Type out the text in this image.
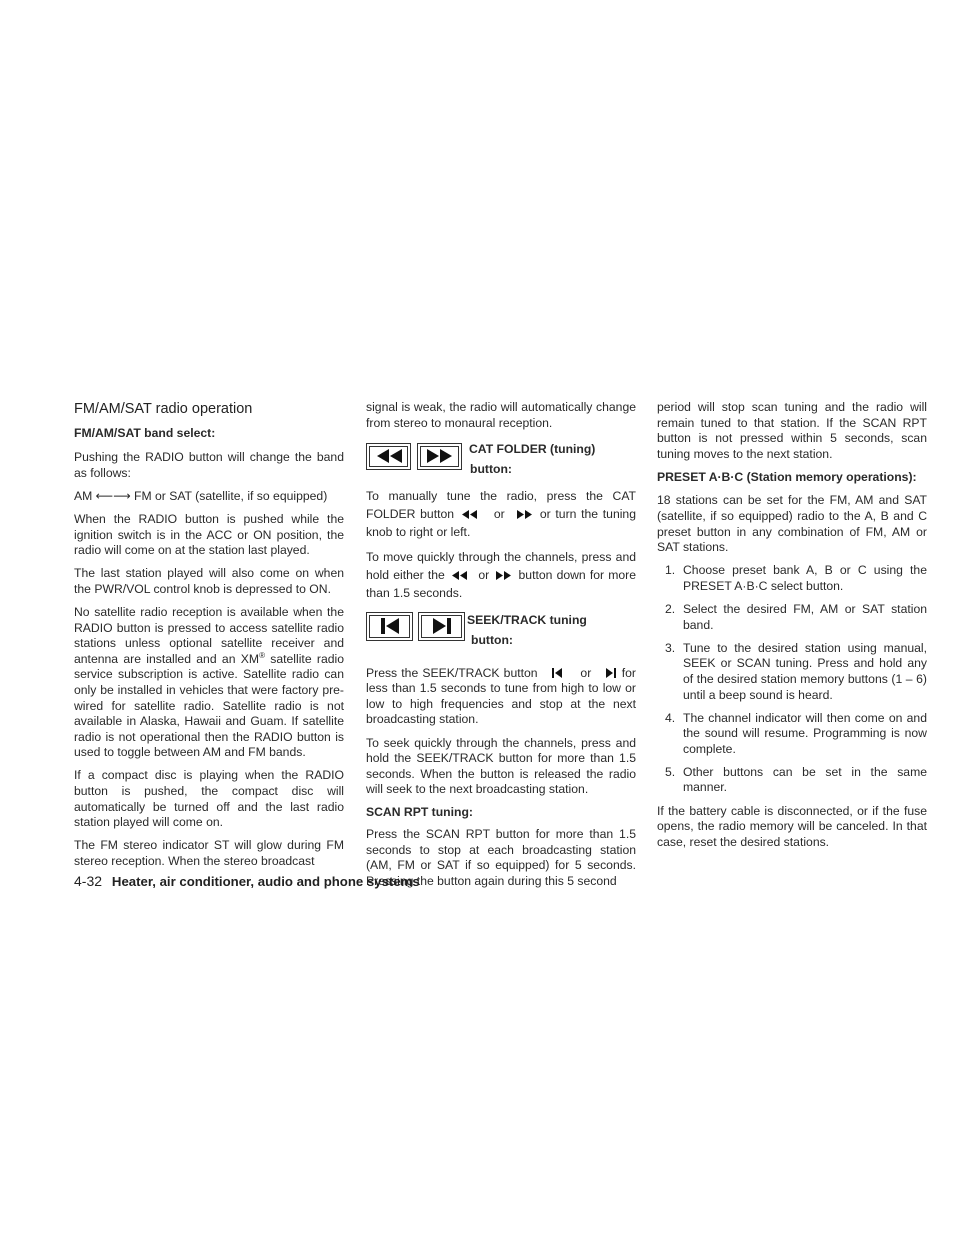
FM/AM/SAT radio operation
FM/AM/SAT band select:

Pushing the RADIO button will change the band as follows:

AM ⟵⟶ FM or SAT (satellite, if so equipped)

When the RADIO button is pushed while the ignition switch is in the ACC or ON position, the radio will come on at the station last played.

The last station played will also come on when the PWR/VOL control knob is depressed to ON.

No satellite radio reception is available when the RADIO button is pressed to access satellite radio stations unless optional satellite receiver and antenna are installed and an XM® satellite radio service subscription is active. Satellite radio can only be installed in vehicles that were factory pre-wired for satellite radio. Satellite radio is not available in Alaska, Hawaii and Guam. If satellite radio is not operational then the RADIO button is used to toggle between AM and FM bands.

If a compact disc is playing when the RADIO button is pushed, the compact disc will automatically be turned off and the last radio station played will come on.

The FM stereo indicator ST will glow during FM stereo reception. When the stereo broadcast

signal is weak, the radio will automatically change from stereo to monaural reception.

CAT FOLDER (tuning)
button:

To manually tune the radio, press the CAT FOLDER button	or	or turn the tuning knob to right or left.

To move quickly through the channels, press and hold either the	or button down for more than 1.5 seconds.

SEEK/TRACK tuning
button:

Press the SEEK/TRACK button	or	for less than 1.5 seconds to tune from high to low or low to high frequencies and stop at the next broadcasting station.

To seek quickly through the channels, press and hold the SEEK/TRACK button for more than 1.5 seconds. When the button is released the radio will seek to the next broadcasting station.

SCAN RPT tuning:

Press the SCAN RPT button for more than 1.5 seconds to stop at each broadcasting station (AM, FM or SAT if so equipped) for 5 seconds. Pressing the button again during this 5 second

period will stop scan tuning and the radio will remain tuned to that station. If the SCAN RPT button is not pressed within 5 seconds, scan tuning moves to the next station.

PRESET A·B·C (Station memory operations):

18 stations can be set for the FM, AM and SAT (satellite, if so equipped) radio to the A, B and C preset button in any combination of FM, AM or SAT stations.

1. Choose preset bank A, B or C using the PRESET A·B·C select button.
2. Select the desired FM, AM or SAT station band.
3. Tune to the desired station using manual, SEEK or SCAN tuning. Press and hold any of the desired station memory buttons (1 – 6) until a beep sound is heard.
4. The channel indicator will then come on and the sound will resume. Programming is now complete.
5. Other buttons can be set in the same manner.

If the battery cable is disconnected, or if the fuse opens, the radio memory will be canceled. In that case, reset the desired stations.

4-32 Heater, air conditioner, audio and phone systems
